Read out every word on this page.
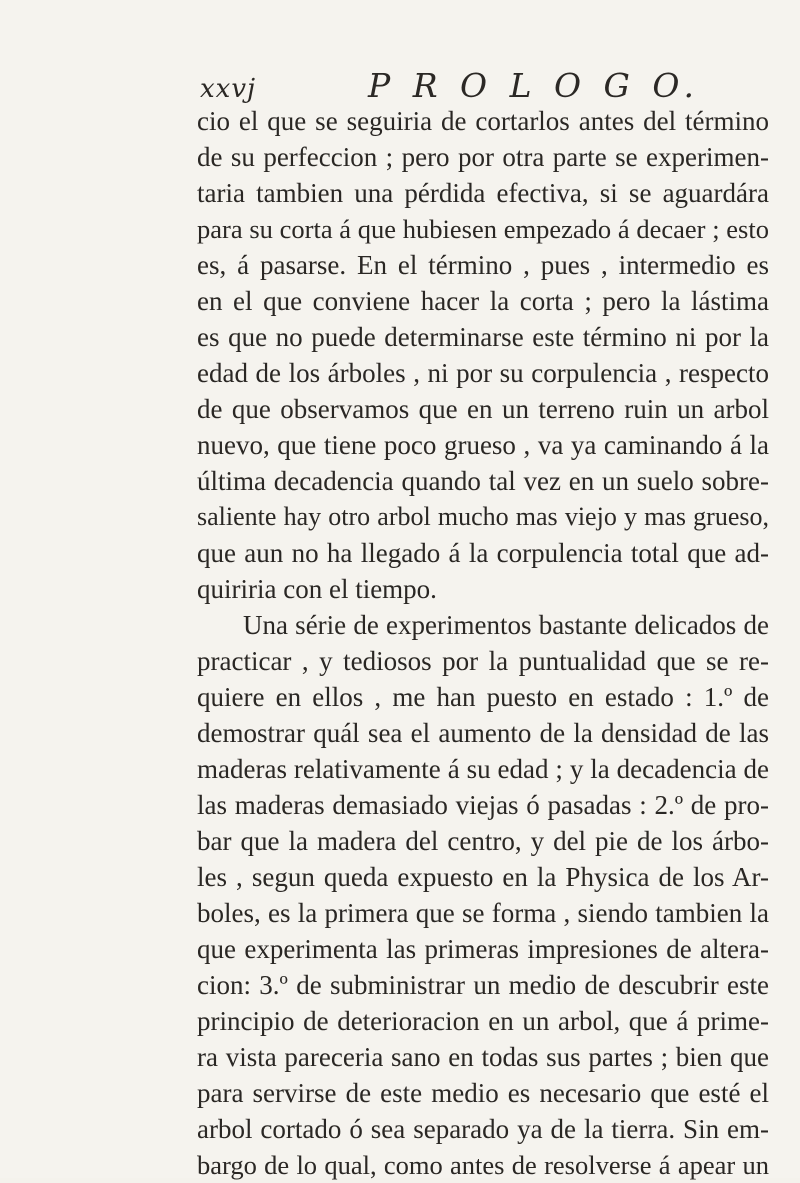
xxvj	P R O L O G O.
cio el que se seguiria de cortarlos antes del término
de su perfeccion ; pero por otra parte se experimen-
taria tambien una pérdida efectiva, si se aguardára
para su corta á que hubiesen empezado á decaer ; esto
es, á pasarse. En el término , pues , intermedio es
en el que conviene hacer la corta ; pero la lástima
es que no puede determinarse este término ni por la
edad de los árboles , ni por su corpulencia , respecto
de que observamos que en un terreno ruin un arbol
nuevo, que tiene poco grueso , va ya caminando á la
última decadencia quando tal vez en un suelo sobre-
saliente hay otro arbol mucho mas viejo y mas grueso,
que aun no ha llegado á la corpulencia total que ad-
quiriria con el tiempo.
Una série de experimentos bastante delicados de
practicar , y tediosos por la puntualidad que se re-
quiere en ellos , me han puesto en estado : 1.º de
demostrar quál sea el aumento de la densidad de las
maderas relativamente á su edad ; y la decadencia de
las maderas demasiado viejas ó pasadas : 2.º de pro-
bar que la madera del centro, y del pie de los árbo-
les , segun queda expuesto en la Physica de los Ar-
boles, es la primera que se forma , siendo tambien la
que experimenta las primeras impresiones de altera-
cion: 3.º de subministrar un medio de descubrir este
principio de deterioracion en un arbol, que á prime-
ra vista pareceria sano en todas sus partes ; bien que
para servirse de este medio es necesario que esté el
arbol cortado ó sea separado ya de la tierra. Sin em-
bargo de lo qual, como antes de resolverse á apear un
